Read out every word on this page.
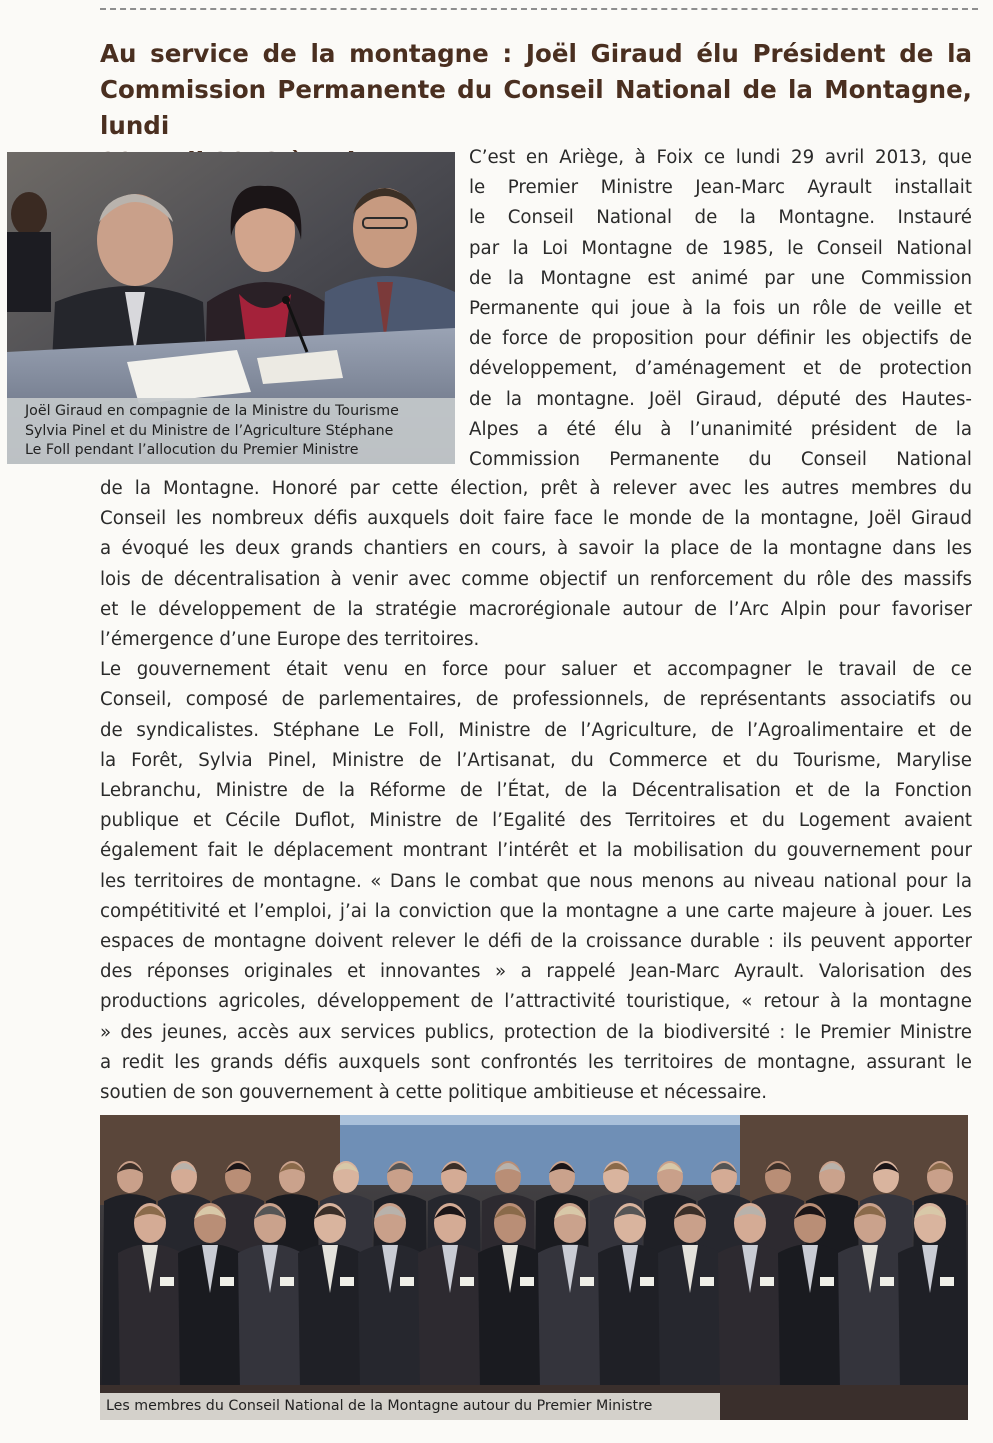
Au service de la montagne : Joël Giraud élu Président de la
Commission Permanente du Conseil National de la Montagne, lundi
Joël Giraud en compagnie de la Ministre du Tourisme
Sylvia Pinel et du Ministre de l’Agriculture Stéphane
Le Foll pendant l’allocution du Premier Ministre
C’est en Ariège, à Foix ce lundi 29 avril 2013, que
le Premier Ministre Jean-Marc Ayrault installait
le Conseil National de la Montagne. Instauré
par la Loi Montagne de 1985, le Conseil National
de la Montagne est animé par une Commission
Permanente qui joue à la fois un rôle de veille et
de force de proposition pour définir les objectifs de
développement, d’aménagement et de protection
de la montagne. Joël Giraud, député des Hautes-
Alpes a été élu à l’unanimité président de la
Commission Permanente du Conseil National
de la Montagne. Honoré par cette élection, prêt à relever avec les autres membres du
Conseil les nombreux défis auxquels doit faire face le monde de la montagne, Joël Giraud
a évoqué les deux grands chantiers en cours, à savoir la place de la montagne dans les
lois de décentralisation à venir avec comme objectif un renforcement du rôle des massifs
et le développement de la stratégie macrorégionale autour de l’Arc Alpin pour favoriser
l’émergence d’une Europe des territoires.
Le gouvernement était venu en force pour saluer et accompagner le travail de ce
Conseil, composé de parlementaires, de professionnels, de représentants associatifs ou
de syndicalistes. Stéphane Le Foll, Ministre de l’Agriculture, de l’Agroalimentaire et de
la Forêt, Sylvia Pinel, Ministre de l’Artisanat, du Commerce et du Tourisme, Marylise
Lebranchu, Ministre de la Réforme de l’État, de la Décentralisation et de la Fonction
publique et Cécile Duflot, Ministre de l’Egalité des Territoires et du Logement avaient
également fait le déplacement montrant l’intérêt et la mobilisation du gouvernement pour
les territoires de montagne. « Dans le combat que nous menons au niveau national pour la
compétitivité et l’emploi, j’ai la conviction que la montagne a une carte majeure à jouer. Les
espaces de montagne doivent relever le défi de la croissance durable : ils peuvent apporter
des réponses originales et innovantes » a rappelé Jean-Marc Ayrault. Valorisation des
productions agricoles, développement de l’attractivité touristique, « retour à la montagne
» des jeunes, accès aux services publics, protection de la biodiversité : le Premier Ministre
a redit les grands défis auxquels sont confrontés les territoires de montagne, assurant le
soutien de son gouvernement à cette politique ambitieuse et nécessaire.
Les membres du Conseil National de la Montagne autour du Premier Ministre
